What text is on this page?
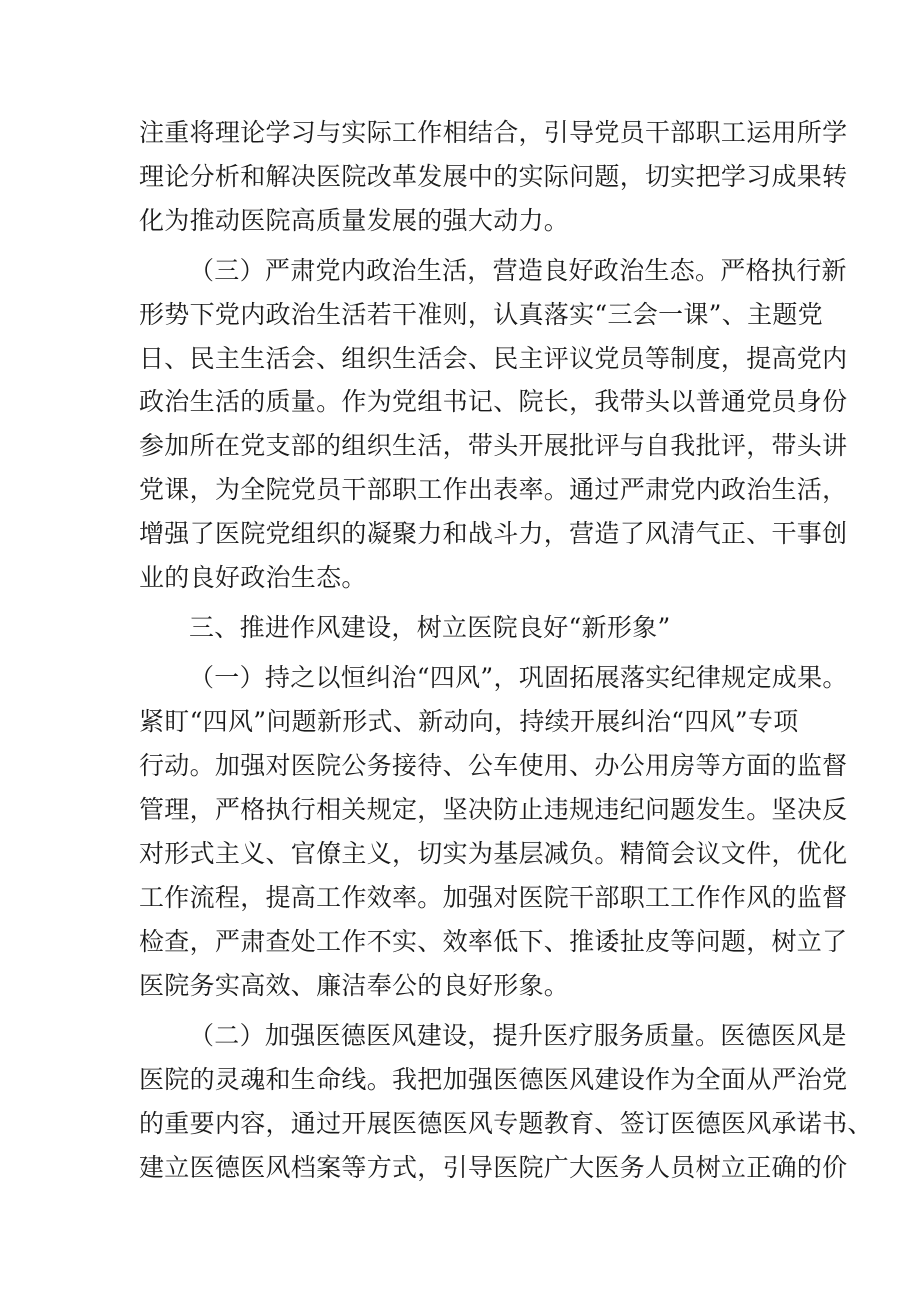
注重将理论学习与实际工作相结合，引导党员干部职工运用所学
理论分析和解决医院改革发展中的实际问题，切实把学习成果转
化为推动医院高质量发展的强大动力。
（三）严肃党内政治生活，营造良好政治生态。严格执行新
形势下党内政治生活若干准则，认真落实“三会一课”、主题党
日、民主生活会、组织生活会、民主评议党员等制度，提高党内
政治生活的质量。作为党组书记、院长，我带头以普通党员身份
参加所在党支部的组织生活，带头开展批评与自我批评，带头讲
党课，为全院党员干部职工作出表率。通过严肃党内政治生活，
增强了医院党组织的凝聚力和战斗力，营造了风清气正、干事创
业的良好政治生态。
三、推进作风建设，树立医院良好“新形象”
（一）持之以恒纠治“四风”，巩固拓展落实纪律规定成果。
紧盯“四风”问题新形式、新动向，持续开展纠治“四风”专项
行动。加强对医院公务接待、公车使用、办公用房等方面的监督
管理，严格执行相关规定，坚决防止违规违纪问题发生。坚决反
对形式主义、官僚主义，切实为基层减负。精简会议文件，优化
工作流程，提高工作效率。加强对医院干部职工工作作风的监督
检查，严肃查处工作不实、效率低下、推诿扯皮等问题，树立了
医院务实高效、廉洁奉公的良好形象。
（二）加强医德医风建设，提升医疗服务质量。医德医风是
医院的灵魂和生命线。我把加强医德医风建设作为全面从严治党
的重要内容，通过开展医德医风专题教育、签订医德医风承诺书、
建立医德医风档案等方式，引导医院广大医务人员树立正确的价
